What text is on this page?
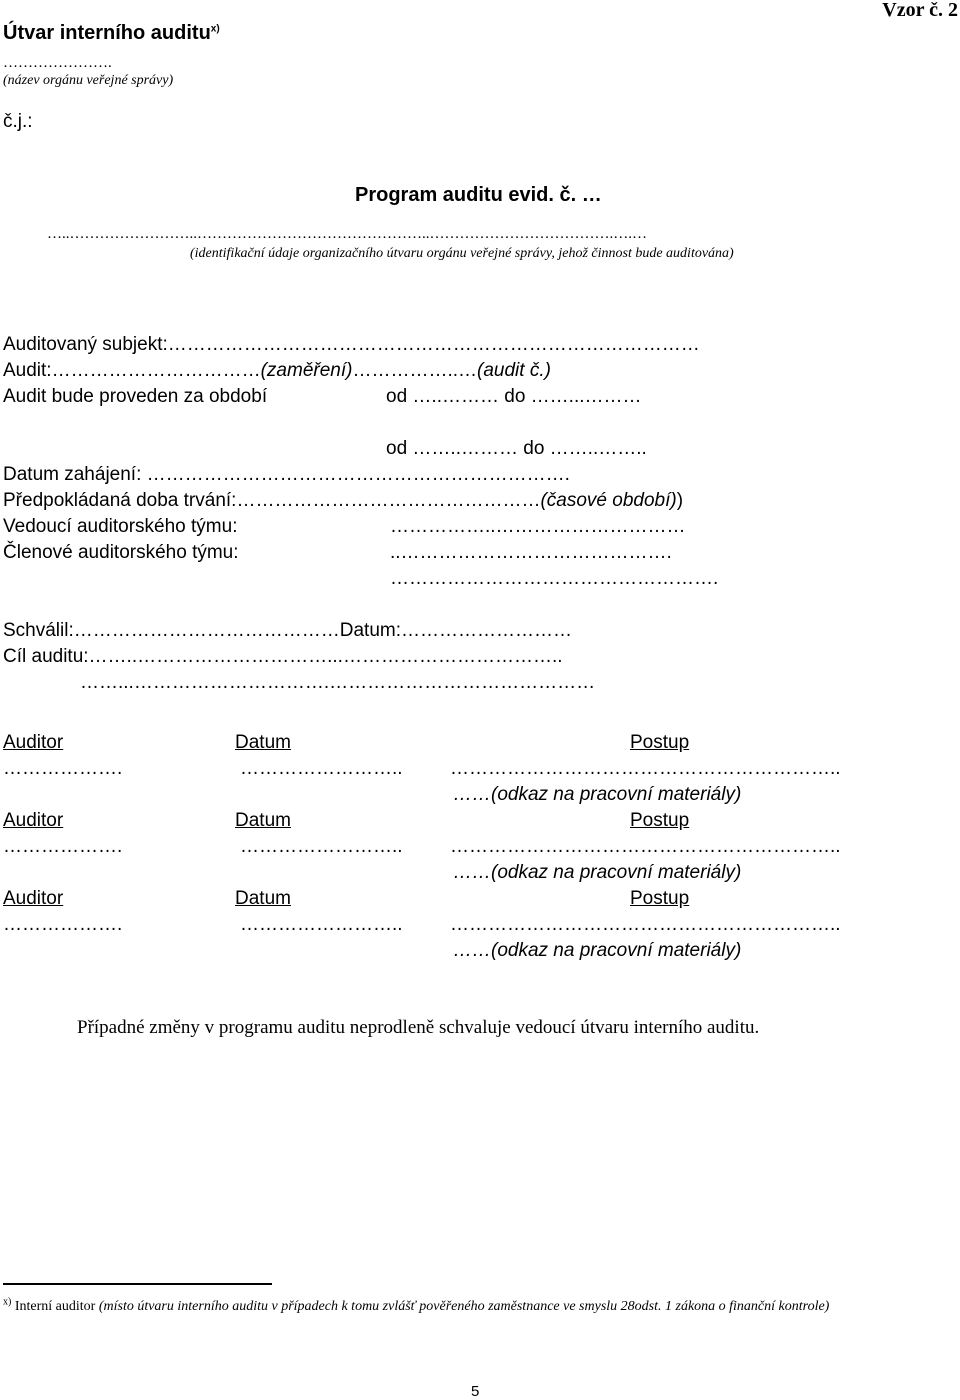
Útvar interního auditu$^{x)}$
Vzor č. 2
………………….
(název orgánu veřejné správy)
č.j.:
Program auditu evid. č. …
…..……………………..………………………………………..……………………………….….…
(identifikační údaje organizačního útvaru orgánu veřejné správy, jehož činnost bude auditována)
Auditovaný subjekt:…………………………………………………………………………
Audit:……………………………(zaměření)……………..…(audit č.)
Audit bude proveden za období	od …..……… do ……...………
od ……..……… do ……..……..
Datum zahájení: ………………………………………………………….
Předpokládaná doba trvání:…………………………………………(časové období))
Vedoucí auditorského týmu:	……………..…………………………
Členové auditorského týmu:	..…………………………………….
…………………………………………….
Schválil:……………………………………Datum:………………………
Cíl auditu:……..…………………………...……………………………..
……...………………………….……………………………………
Auditor	Datum	Postup
……………….	…………………….. ……………………………………………………..
……(odkaz na pracovní materiály)
Auditor	Datum	Postup
……………….	…………………….. ……………………………………………………..
……(odkaz na pracovní materiály)
Auditor	Datum	Postup
……………….	…………………….. ……………………………………………………..
……(odkaz na pracovní materiály)
Případné změny v programu auditu neprodleně schvaluje vedoucí útvaru interního auditu.
$^{x)}$ Interní auditor (místo útvaru interního auditu v případech k tomu zvlášť pověřeného zaměstnance ve smyslu 28odst. 1 zákona o finanční kontrole)
5
